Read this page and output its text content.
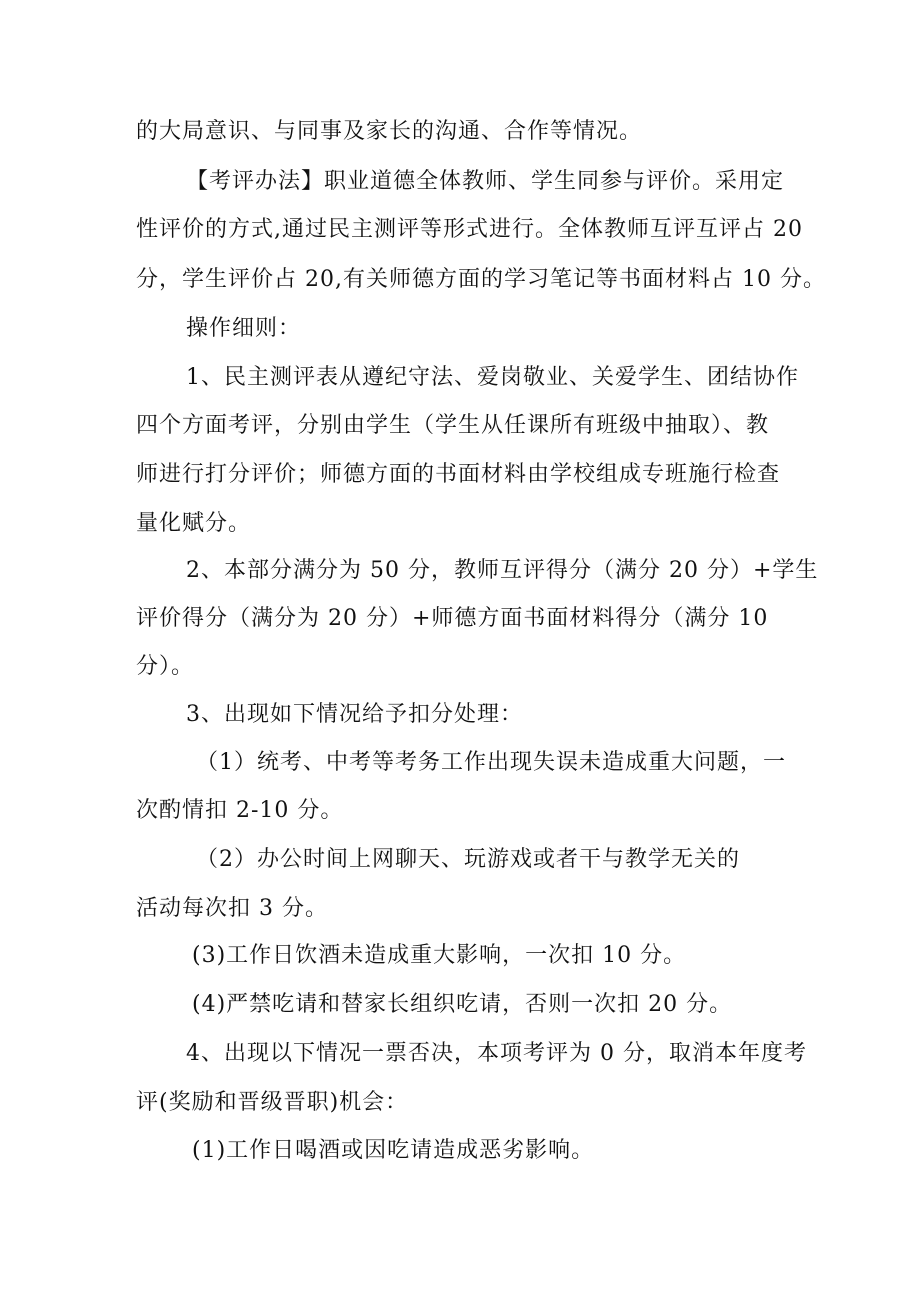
的大局意识、与同事及家长的沟通、合作等情况。
【考评办法】职业道德全体教师、学生同参与评价。采用定
性评价的方式,通过民主测评等形式进行。全体教师互评互评占 20
分，学生评价占 20,有关师德方面的学习笔记等书面材料占 10 分。
操作细则：
1、民主测评表从遵纪守法、爱岗敬业、关爱学生、团结协作
四个方面考评，分别由学生（学生从任课所有班级中抽取）、教
师进行打分评价；师德方面的书面材料由学校组成专班施行检查
量化赋分。
2、本部分满分为 50 分，教师互评得分（满分 20 分）+学生
评价得分（满分为 20 分）+师德方面书面材料得分（满分 10
分）。
3、出现如下情况给予扣分处理：
（1）统考、中考等考务工作出现失误未造成重大问题，一
次酌情扣 2-10 分。
（2）办公时间上网聊天、玩游戏或者干与教学无关的
活动每次扣 3 分。
(3)工作日饮酒未造成重大影响，一次扣 10 分。
(4)严禁吃请和替家长组织吃请，否则一次扣 20 分。
4、出现以下情况一票否决，本项考评为 0 分，取消本年度考
评(奖励和晋级晋职)机会：
(1)工作日喝酒或因吃请造成恶劣影响。
